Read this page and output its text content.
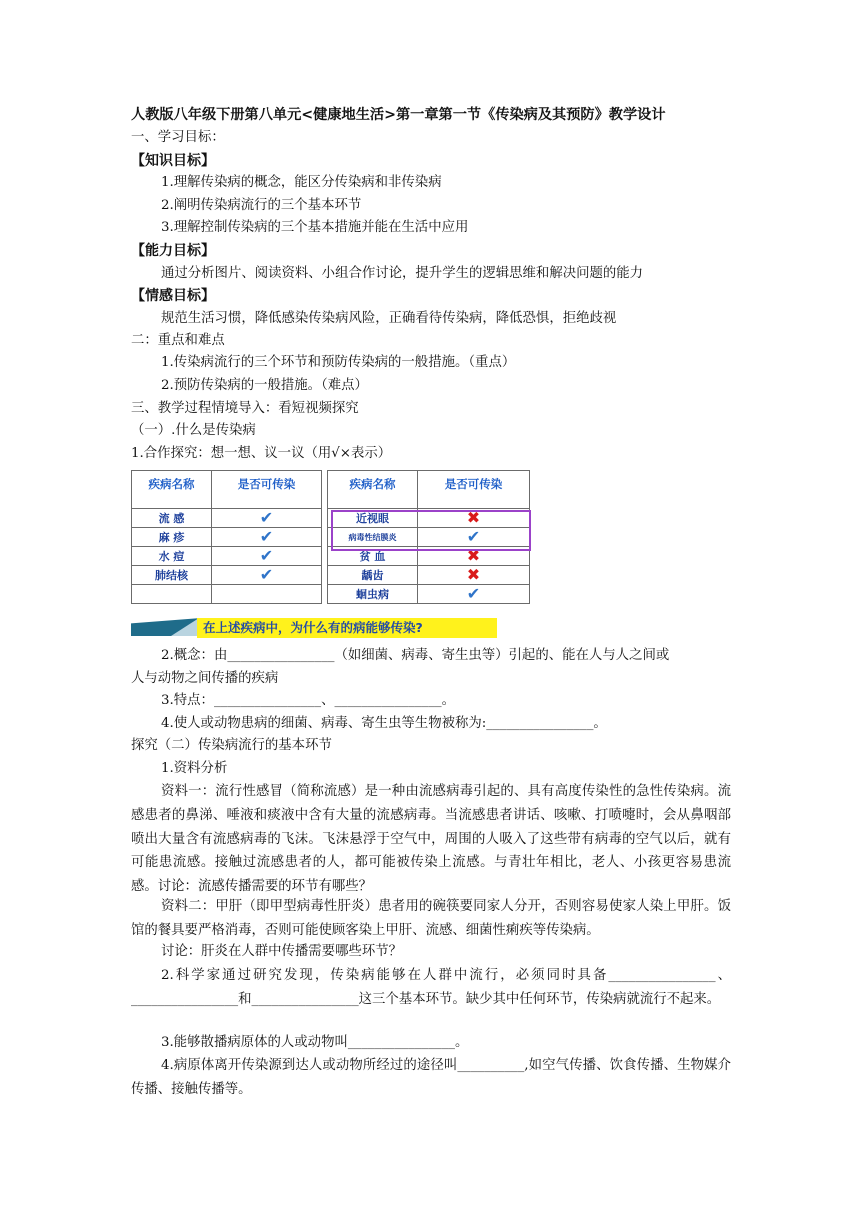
人教版八年级下册第八单元<健康地生活>第一章第一节《传染病及其预防》教学设计
一、学习目标：
【知识目标】
1.理解传染病的概念，能区分传染病和非传染病
2.阐明传染病流行的三个基本环节
3.理解控制传染病的三个基本措施并能在生活中应用
【能力目标】
通过分析图片、阅读资料、小组合作讨论，提升学生的逻辑思维和解决问题的能力
【情感目标】
规范生活习惯，降低感染传染病风险，正确看待传染病，降低恐惧，拒绝歧视
二：重点和难点
1.传染病流行的三个环节和预防传染病的一般措施。（重点）
2.预防传染病的一般措施。（难点）
三、教学过程情境导入：看短视频探究
（一）.什么是传染病
1.合作探究：想一想、议一议（用√×表示）
疾病名称	是否可传染		疾病名称	是否可传染
流 感	✔		近视眼	✖
麻 疹	✔		病毒性结膜炎	✔
水 痘	✔		贫 血	✖
肺结核	✔		龋齿	✖
			蛔虫病	✔
在上述疾病中，为什么有的病能够传染?
2.概念：由________________（如细菌、病毒、寄生虫等）引起的、能在人与人之间或
人与动物之间传播的疾病
3.特点：________________、________________。
4.使人或动物患病的细菌、病毒、寄生虫等生物被称为:________________。
探究（二）传染病流行的基本环节
1.资料分析
资料一：流行性感冒（简称流感）是一种由流感病毒引起的、具有高度传染性的急性传染病。流感患者的鼻涕、唾液和痰液中含有大量的流感病毒。当流感患者讲话、咳嗽、打喷嚏时，会从鼻咽部喷出大量含有流感病毒的飞沫。飞沫悬浮于空气中，周围的人吸入了这些带有病毒的空气以后，就有可能患流感。接触过流感患者的人，都可能被传染上流感。与青壮年相比，老人、小孩更容易患流感。讨论：流感传播需要的环节有哪些？
资料二：甲肝（即甲型病毒性肝炎）患者用的碗筷要同家人分开，否则容易使家人染上甲肝。饭馆的餐具要严格消毒，否则可能使顾客染上甲肝、流感、细菌性痢疾等传染病。
讨论：肝炎在人群中传播需要哪些环节？
2.科学家通过研究发现，传染病能够在人群中流行，必须同时具备________________、________________和________________这三个基本环节。缺少其中任何环节，传染病就流行不起来。
3.能够散播病原体的人或动物叫________________。
4.病原体离开传染源到达人或动物所经过的途径叫__________,如空气传播、饮食传播、生物媒介传播、接触传播等。
